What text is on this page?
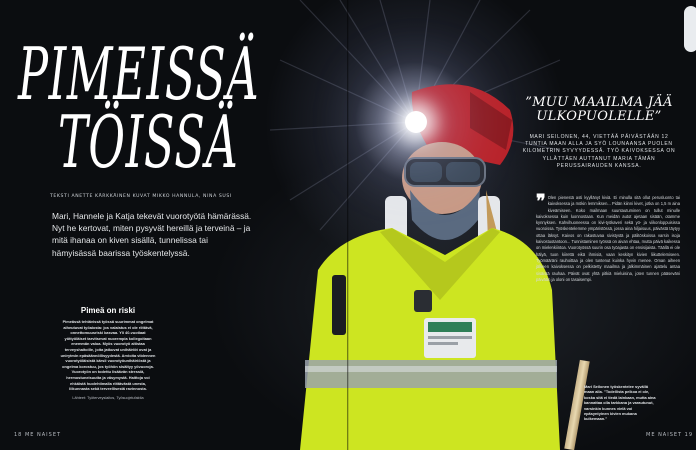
PIMEISSÄ
TÖISSÄ
TEKSTI ANETTE KÄRKKÄINEN KUVAT MIKKO HANNULA, NINA SUSI
Mari, Hannele ja Katja tekevät vuorotyötä hämärässä. Nyt he kertovat, miten pysyvät hereillä ja terveinä – ja mitä ihanaa on kiven sisällä, tunnelissa tai hämyisässä baarissa työskentelyssä.
Pimeä on riski

Pimeässä tehtävissä työssä suurimmat ongelmat aiheutuvat työaiosta: jos valaistus ei ole riittävä, onnettomuusriski kasvaa. Yli 40-vuotiaat yöttyöläiset tarvitsevat nuorempia kollegoitaan enemmän valoa. Myös vuorotyö altistaa terveyshaitoille, joita jatkuvat unihäiriöt ovat ja unirytmin epäsäännöllisyydestä. Arvioita viidennen vuorotyöläisistä kärsii vuorotyöunihäiriöstä ja ongelma korostuu, jos työhön sisältyy yövuoroja. Vuorotyön on todettu lisäävän stressiä, hermostuneisuutta ja väsymystä. Haittoja voi ehkäistä huolehtimalla riittävästä unesta, liikunnasta sekä terveellisestä ravinnosta.

Lähteet: Työterveyslaitos, Työsuojelufaktia

18 ME NAISET
”MUU MAAILMA JÄÄ ULKOPUOLELLE”
MARI SEILONEN, 44, VIETTÄÄ PÄIVÄSTÄÄN 12 TUNTIA MAAN ALLA JA SYÖ LOUNAANSA PUOLEN KILOMETRIN SYVYYDESSÄ. TYÖ KAIVOKSESSA ON YLLÄTTÄEN AUTTANUT MARIA TÄMÄN PERUSSAIRAUDEN KANSSA.
❞ Olen pienestä asti kyyllänyt kiviä. Ei minulla sitä ollut perusluonto tai kaivoksessa ja mökin lemmiksen... Pidän kiinni kivet, jotka on 1,5 m aina kiveämiseen. Koko mailmaan suuntautuminen on tullut minulle kaivoksessa kuin luonnostaan. Kun meidän autot ajetaan sisään, otamme kynnyksen. Kahvihuoneessa on kivi-työkaveri sekä yö- ja viikonloppuisissa vuoroissa. Työskentelemme ympäristössä, jossa aina hiljaisuus, päivästä täytyy ottaa läksyt. Kaivos on rakastuvaa sivistystä ja pälitöskoissa varsin isoja kaivostuotantoon... Tunnistaminen työssä on aivan ehtaa, mutta päivä kaikessa on mielenkiintoa. Vuorotyössä suurin osa työajasta on ensisijaista. Täällä ei ole hälyä, tuon kiirettä eikä ihmisiä, vaan keskityn kivien liikuttelemiseen. Työmääräni rauhoittaa ja olen tuntenut kuinka hyvin menee. Oman aiheen jälkeen kaivoksessa on pelkistetty maailma ja jälkimmäinen ajattelu antaa sisäistä rauhaa. Päivät ovat yhtä pitkiä mieluisina, joten tunnen pääseväni päivään ja oloni on tasaisempi.
Mari Seilonen työskentelee syvällä maan alla. ”Todellista pelkoa ei ole, koska sitä ei tiedä lainkaan, mutta aina kannattaa olla tarkkana ja varautunut, varsinkin kunnes vielä voi epäsyntyinen kivien mukana kulkemaan.”
ME NAISET 19
